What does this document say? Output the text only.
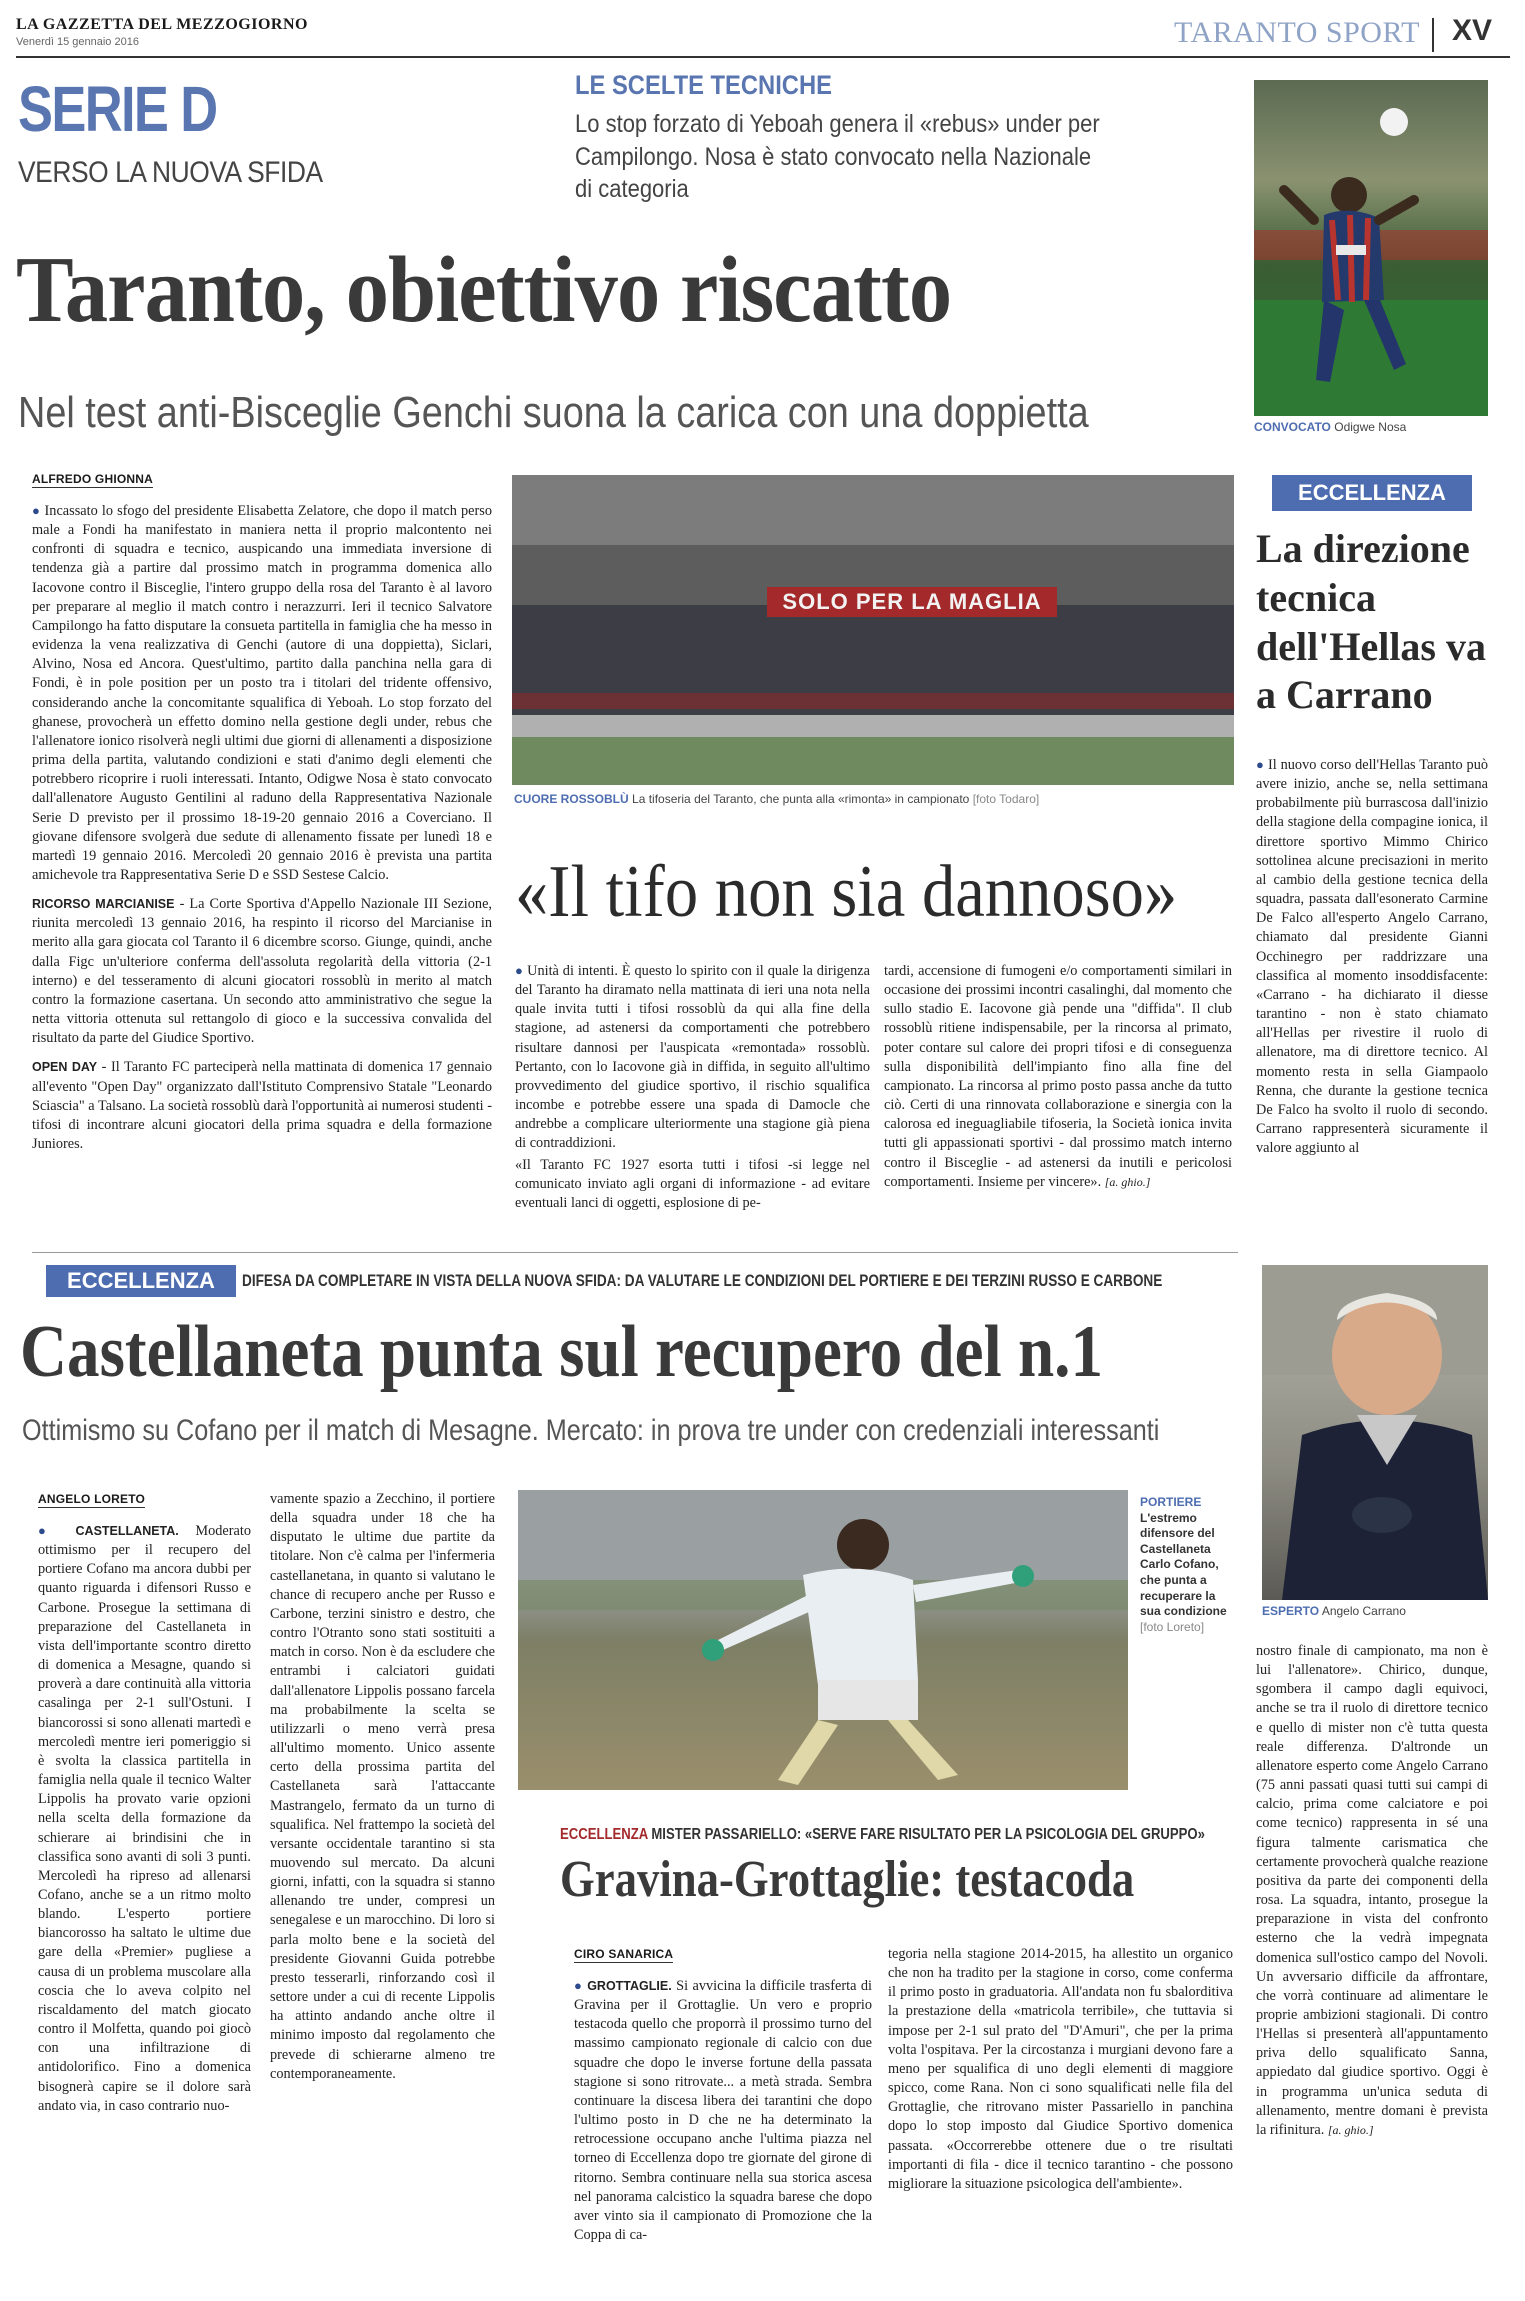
LA GAZZETTA DEL MEZZOGIORNO
Venerdì 15 gennaio 2016	TARANTO SPORT XV
SERIE D
VERSO LA NUOVA SFIDA
LE SCELTE TECNICHE
Lo stop forzato di Yeboah genera il «rebus» under per Campilongo. Nosa è stato convocato nella Nazionale di categoria
Taranto, obiettivo riscatto
Nel test anti-Bisceglie Genchi suona la carica con una doppietta	CONVOCATO Odigwe Nosa
ALFREDO GHIONNA
● Incassato lo sfogo del presidente Elisabetta Zelatore, che dopo il match perso male a Fondi ha manifestato in maniera netta il proprio malcontento nei confronti di squadra e tecnico, auspicando una immediata inversione di tendenza già a partire dal prossimo match in programma domenica allo Iacovone contro il Bisceglie, l'intero gruppo della rosa del Taranto è al lavoro per preparare al meglio il match contro i nerazzurri. Ieri il tecnico Salvatore Campilongo ha fatto disputare la consueta partitella in famiglia che ha messo in evidenza la vena realizzativa di Genchi (autore di una doppietta), Siclari, Alvino, Nosa ed Ancora. Quest'ultimo, partito dalla panchina nella gara di Fondi, è in pole position per un posto tra i titolari del tridente offensivo, considerando anche la concomitante squalifica di Yeboah. Lo stop forzato del ghanese, provocherà un effetto domino nella gestione degli under, rebus che l'allenatore ionico risolverà negli ultimi due giorni di allenamenti a disposizione prima della partita, valutando condizioni e stati d'animo degli elementi che potrebbero ricoprire i ruoli interessati. Intanto, Odigwe Nosa è stato convocato dall'allenatore Augusto Gentilini al raduno della Rappresentativa Nazionale Serie D previsto per il prossimo 18-19-20 gennaio 2016 a Coverciano. Il giovane difensore svolgerà due sedute di allenamento fissate per lunedì 18 e martedì 19 gennaio 2016. Mercoledì 20 gennaio 2016 è prevista una partita amichevole tra Rappresentativa Serie D e SSD Sestese Calcio.
RICORSO MARCIANISE - La Corte Sportiva d'Appello Nazionale III Sezione, riunita mercoledì 13 gennaio 2016, ha respinto il ricorso del Marcianise in merito alla gara giocata col Taranto il 6 dicembre scorso. Giunge, quindi, anche dalla Figc un'ulteriore conferma dell'assoluta regolarità della vittoria (2-1 interno) e del tesseramento di alcuni giocatori rossoblù in merito al match contro la formazione casertana. Un secondo atto amministrativo che segue la netta vittoria ottenuta sul rettangolo di gioco e la successiva convalida del risultato da parte del Giudice Sportivo.
OPEN DAY - Il Taranto FC parteciperà nella mattinata di domenica 17 gennaio all'evento "Open Day" organizzato dall'Istituto Comprensivo Statale "Leonardo Sciascia" a Talsano. La società rossoblù darà l'opportunità ai numerosi studenti - tifosi di incontrare alcuni giocatori della prima squadra e della formazione Juniores.
SOLO PER LA MAGLIA
CUORE ROSSOBLÙ La tifoseria del Taranto, che punta alla «rimonta» in campionato [foto Todaro]
«Il tifo non sia dannoso»
● Unità di intenti. È questo lo spirito con il quale la dirigenza del Taranto ha diramato nella mattinata di ieri una nota nella quale invita tutti i tifosi rossoblù da qui alla fine della stagione, ad astenersi da comportamenti che potrebbero risultare dannosi per l'auspicata «remontada» rossoblù. Pertanto, con lo Iacovone già in diffida, in seguito all'ultimo provvedimento del giudice sportivo, il rischio squalifica incombe e potrebbe essere una spada di Damocle che andrebbe a complicare ulteriormente una stagione già piena di contraddizioni.

«Il Taranto FC 1927 esorta tutti i tifosi -si legge nel comunicato inviato agli organi di informazione - ad evitare eventuali lanci di oggetti, esplosione di pe-

tardi, accensione di fumogeni e/o comportamenti similari in occasione dei prossimi incontri casalinghi, dal momento che sullo stadio E. Iacovone già pende una "diffida". Il club rossoblù ritiene indispensabile, per la rincorsa al primato, poter contare sul calore dei propri tifosi e di conseguenza sulla disponibilità dell'impianto fino alla fine del campionato. La rincorsa al primo posto passa anche da tutto ciò. Certi di una rinnovata collaborazione e sinergia con la calorosa ed ineguagliabile tifoseria, la Società ionica invita tutti gli appassionati sportivi - dal prossimo match interno contro il Bisceglie - ad astenersi da inutili e pericolosi comportamenti. Insieme per vincere». [a. ghio.]
ECCELLENZA
La direzione tecnica dell'Hellas va a Carrano
● Il nuovo corso dell'Hellas Taranto può avere inizio, anche se, nella settimana probabilmente più burrascosa dall'inizio della stagione della compagine ionica, il direttore sportivo Mimmo Chirico sottolinea alcune precisazioni in merito al cambio della gestione tecnica della squadra, passata dall'esonerato Carmine De Falco all'esperto Angelo Carrano, chiamato dal presidente Gianni Occhinegro per raddrizzare una classifica al momento insoddisfacente: «Carrano - ha dichiarato il diesse tarantino - non è stato chiamato all'Hellas per rivestire il ruolo di allenatore, ma di direttore tecnico. Al momento resta in sella Giampaolo Renna, che durante la gestione tecnica De Falco ha svolto il ruolo di secondo. Carrano rappresenterà sicuramente il valore aggiunto al
ECCELLENZA	DIFESA DA COMPLETARE IN VISTA DELLA NUOVA SFIDA: DA VALUTARE LE CONDIZIONI DEL PORTIERE E DEI TERZINI RUSSO E CARBONE
Castellaneta punta sul recupero del n.1
Ottimismo su Cofano per il match di Mesagne. Mercato: in prova tre under con credenziali interessanti
ANGELO LORETO
● CASTELLANETA. Moderato ottimismo per il recupero del portiere Cofano ma ancora dubbi per quanto riguarda i difensori Russo e Carbone. Prosegue la settimana di preparazione del Castellaneta in vista dell'importante scontro diretto di domenica a Mesagne, quando si proverà a dare continuità alla vittoria casalinga per 2-1 sull'Ostuni. I biancorossi si sono allenati martedì e mercoledì mentre ieri pomeriggio si è svolta la classica partitella in famiglia nella quale il tecnico Walter Lippolis ha provato varie opzioni nella scelta della formazione da schierare ai brindisini che in classifica sono avanti di soli 3 punti. Mercoledì ha ripreso ad allenarsi Cofano, anche se a un ritmo molto blando. L'esperto portiere biancorosso ha saltato le ultime due gare della «Premier» pugliese a causa di un problema muscolare alla coscia che lo aveva colpito nel riscaldamento del match giocato contro il Molfetta, quando poi giocò con una infiltrazione di antidolorifico. Fino a domenica bisognerà capire se il dolore sarà andato via, in caso contrario nuo-
vamente spazio a Zecchino, il portiere della squadra under 18 che ha disputato le ultime due partite da titolare. Non c'è calma per l'infermeria castellanetana, in quanto si valutano le chance di recupero anche per Russo e Carbone, terzini sinistro e destro, che contro l'Otranto sono stati sostituiti a match in corso. Non è da escludere che entrambi i calciatori guidati dall'allenatore Lippolis possano farcela ma probabilmente la scelta se utilizzarli o meno verrà presa all'ultimo momento. Unico assente certo della prossima partita del Castellaneta sarà l'attaccante Mastrangelo, fermato da un turno di squalifica. Nel frattempo la società del versante occidentale tarantino si sta muovendo sul mercato. Da alcuni giorni, infatti, con la squadra si stanno allenando tre under, compresi un senegalese e un marocchino. Di loro si parla molto bene e la società del presidente Giovanni Guida potrebbe presto tesserarli, rinforzando così il settore under a cui di recente Lippolis ha attinto andando anche oltre il minimo imposto dal regolamento che prevede di schierarne almeno tre contemporaneamente.
PORTIERE
L'estremo difensore del Castellaneta Carlo Cofano, che punta a recuperare la sua condizione [foto Loreto]
ECCELLENZA MISTER PASSARIELLO: «SERVE FARE RISULTATO PER LA PSICOLOGIA DEL GRUPPO»
Gravina-Grottaglie: testacoda
CIRO SANARICA
● GROTTAGLIE. Si avvicina la difficile trasferta di Gravina per il Grottaglie. Un vero e proprio testacoda quello che proporrà il prossimo turno del massimo campionato regionale di calcio con due squadre che dopo le inverse fortune della passata stagione si sono ritrovate... a metà strada. Sembra continuare la discesa libera dei tarantini che dopo l'ultimo posto in D che ne ha determinato la retrocessione occupano anche l'ultima piazza nel torneo di Eccellenza dopo tre giornate del girone di ritorno. Sembra continuare nella sua storica ascesa nel panorama calcistico la squadra barese che dopo aver vinto sia il campionato di Promozione che la Coppa di ca-
tegoria nella stagione 2014-2015, ha allestito un organico che non ha tradito per la stagione in corso, come conferma il primo posto in graduatoria. All'andata non fu sbalorditiva la prestazione della «matricola terribile», che tuttavia si impose per 2-1 sul prato del "D'Amuri", che per la prima volta l'ospitava. Per la circostanza i murgiani devono fare a meno per squalifica di uno degli elementi di maggiore spicco, come Rana. Non ci sono squalificati nelle fila del Grottaglie, che ritrovano mister Passariello in panchina dopo lo stop imposto dal Giudice Sportivo domenica passata. «Occorrerebbe ottenere due o tre risultati importanti di fila - dice il tecnico tarantino - che possono migliorare la situazione psicologica dell'ambiente».
ESPERTO Angelo Carrano
nostro finale di campionato, ma non è lui l'allenatore». Chirico, dunque, sgombera il campo dagli equivoci, anche se tra il ruolo di direttore tecnico e quello di mister non c'è tutta questa reale differenza. D'altronde un allenatore esperto come Angelo Carrano (75 anni passati quasi tutti sui campi di calcio, prima come calciatore e poi come tecnico) rappresenta in sé una figura talmente carismatica che certamente provocherà qualche reazione positiva da parte dei componenti della rosa. La squadra, intanto, prosegue la preparazione in vista del confronto esterno che la vedrà impegnata domenica sull'ostico campo del Novoli. Un avversario difficile da affrontare, che vorrà continuare ad alimentare le proprie ambizioni stagionali. Di contro l'Hellas si presenterà all'appuntamento priva dello squalificato Sanna, appiedato dal giudice sportivo. Oggi è in programma un'unica seduta di allenamento, mentre domani è prevista la rifinitura. [a. ghio.]
